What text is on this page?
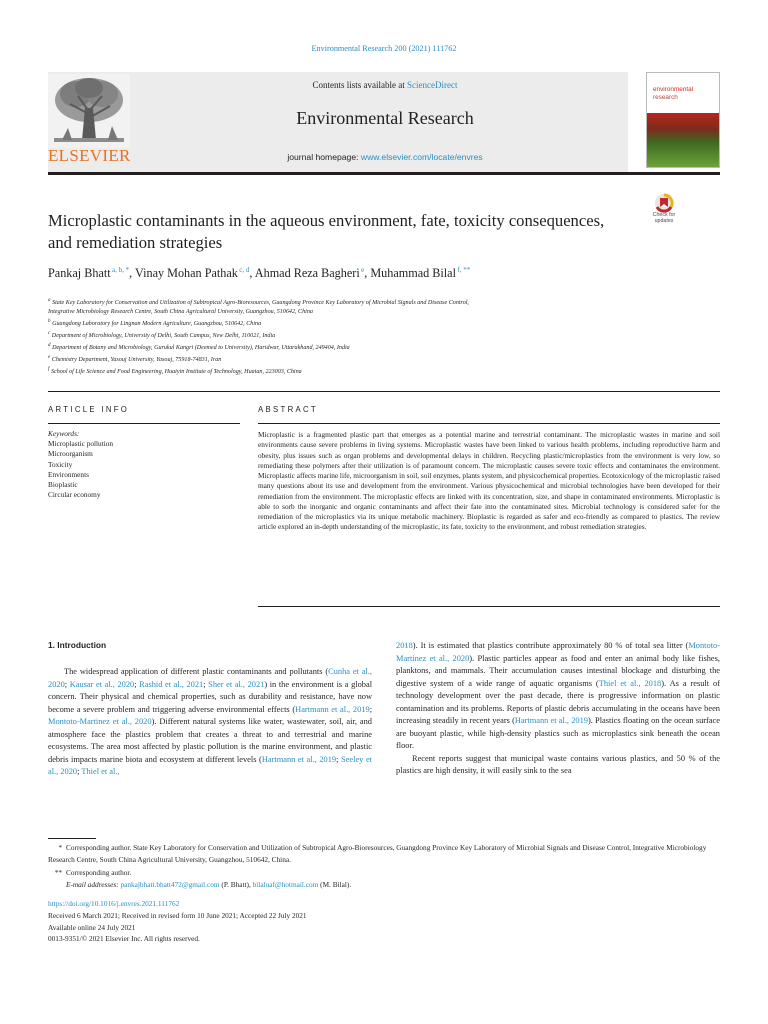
Environmental Research 200 (2021) 111762
ELSEVIER
Contents lists available at ScienceDirect
Environmental Research
journal homepage: www.elsevier.com/locate/envres
environmental
research
Check for
updates
Microplastic contaminants in the aqueous environment, fate, toxicity consequences, and remediation strategies
Pankaj Bhatt $^{a, b, *}$, Vinay Mohan Pathak $^{c, d}$, Ahmad Reza Bagheri $^e$, Muhammad Bilal $^{f, **}$
$^a$ State Key Laboratory for Conservation and Utilization of Subtropical Agro-Bioresources, Guangdong Province Key Laboratory of Microbial Signals and Disease Control,
Integrative Microbiology Research Centre, South China Agricultural University, Guangzhou, 510642, China
$^b$ Guangdong Laboratory for Lingnan Modern Agriculture, Guangzhou, 510642, China
$^c$ Department of Microbiology, University of Delhi, South Campus, New Delhi, 110021, India
$^d$ Department of Botany and Microbiology, Gurukul Kangri (Deemed to University), Haridwar, Uttarakhand, 249404, India
$^e$ Chemistry Department, Yasouj University, Yasouj, 75918-74831, Iran
$^f$ School of Life Science and Food Engineering, Huaiyin Institute of Technology, Huaian, 223003, China
ARTICLE INFO	ABSTRACT
Keywords:
Microplastic pollution
Microorganism
Toxicity
Environments
Bioplastic
Circular economy
Microplastic is a fragmented plastic part that emerges as a potential marine and terrestrial contaminant. The microplastic wastes in marine and soil environments cause severe problems in living systems. Microplastic wastes have been linked to various health problems, including reproductive harm and obesity, plus issues such as organ problems and developmental delays in children. Recycling plastic/microplastics from the environment is very low, so remediating these polymers after their utilization is of paramount concern. The microplastic causes severe toxic effects and contaminates the environment. Microplastic affects marine life, microorganism in soil, soil enzymes, plants system, and physicochemical properties. Ecotoxicology of the microplastic raised many questions about its use and development from the environment. Various physicochemical and microbial technologies have been developed for their remediation from the environment. The microplastic effects are linked with its concentration, size, and shape in contaminated environments. Microplastic is able to sorb the inorganic and organic contaminants and affect their fate into the contaminated sites. Microbial technology is considered safer for the remediation of the microplastics via its unique metabolic machinery. Bioplastic is regarded as safer and eco-friendly as compared to plastics. The review article explored an in-depth understanding of the microplastic, its fate, toxicity to the environment, and robust remediation strategies.
1. Introduction

The widespread application of different plastic contaminants and pollutants (Cunha et al., 2020; Kausar et al., 2020; Rashid et al., 2021; Sher et al., 2021) in the environment is a global concern. Their physical and chemical properties, such as durability and resistance, have now become a severe problem and triggering adverse environmental effects (Hartmann et al., 2019; Montoto-Martinez et al., 2020). Different natural systems like water, wastewater, soil, air, and atmosphere face the plastics problem that creates a threat to and terrestrial and marine ecosystems. The area most affected by plastic pollution is the marine environment, and plastic debris impacts marine biota and ecosystem at different levels (Hartmann et al., 2019; Seeley et al., 2020; Thiel et al.,

2018). It is estimated that plastics contribute approximately 80 % of total sea litter (Montoto-Martinez et al., 2020). Plastic particles appear as food and enter an animal body like fishes, planktons, and mammals. Their accumulation causes intestinal blockage and disturbing the digestive system of a wide range of aquatic organisms (Thiel et al., 2018). As a result of technology development over the past decade, there is progressive information on plastic contamination and its problems. Reports of plastic debris accumulating in the oceans have been increasing steadily in recent years (Hartmann et al., 2019). Plastics floating on the ocean surface are buoyant plastic, while high-density plastics such as microplastics sink beneath the ocean floor.

Recent reports suggest that municipal waste contains various plastics, and 50 % of the plastics are high density, it will easily sink to the sea

* Corresponding author. State Key Laboratory for Conservation and Utilization of Subtropical Agro-Bioresources, Guangdong Province Key Laboratory of Microbial Signals and Disease Control, Integrative Microbiology Research Centre, South China Agricultural University, Guangzhou, 510642, China.
** Corresponding author.
E-mail addresses: pankajbhatt.bhatt472@gmail.com (P. Bhatt), bilaluaf@hotmail.com (M. Bilal).
https://doi.org/10.1016/j.envres.2021.111762
Received 6 March 2021; Received in revised form 10 June 2021; Accepted 22 July 2021
Available online 24 July 2021
0013-9351/© 2021 Elsevier Inc. All rights reserved.
